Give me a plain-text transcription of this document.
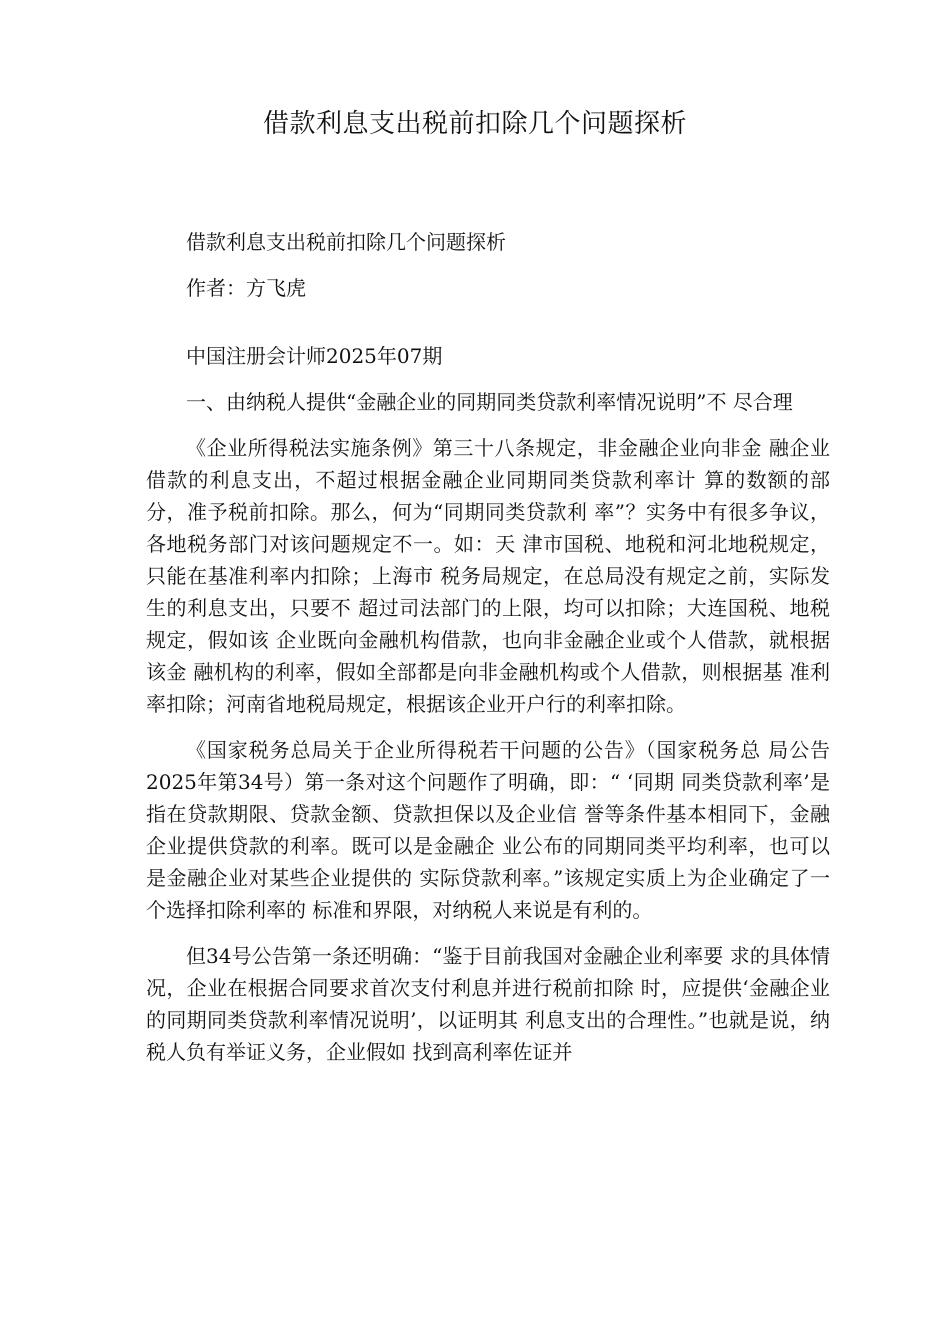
借款利息支出税前扣除几个问题探析

借款利息支出税前扣除几个问题探析

作者：方飞虎

中国注册会计师2025年07期

一、由纳税人提供“金融企业的同期同类贷款利率情况说明”不 尽合理

《企业所得税法实施条例》第三十八条规定，非金融企业向非金 融企业借款的利息支出，不超过根据金融企业同期同类贷款利率计 算的数额的部分，准予税前扣除。那么，何为“同期同类贷款利 率”？实务中有很多争议，各地税务部门对该问题规定不一。如：天 津市国税、地税和河北地税规定，只能在基准利率内扣除；上海市 税务局规定，在总局没有规定之前，实际发生的利息支出，只要不 超过司法部门的上限，均可以扣除；大连国税、地税规定，假如该 企业既向金融机构借款，也向非金融企业或个人借款，就根据该金 融机构的利率，假如全部都是向非金融机构或个人借款，则根据基 准利率扣除；河南省地税局规定，根据该企业开户行的利率扣除。

《国家税务总局关于企业所得税若干问题的公告》（国家税务总 局公告2025年第34号）第一条对这个问题作了明确，即：“ ‘同期 同类贷款利率’是指在贷款期限、贷款金额、贷款担保以及企业信 誉等条件基本相同下，金融企业提供贷款的利率。既可以是金融企 业公布的同期同类平均利率，也可以是金融企业对某些企业提供的 实际贷款利率。”该规定实质上为企业确定了一个选择扣除利率的 标准和界限，对纳税人来说是有利的。

但34号公告第一条还明确：“鉴于目前我国对金融企业利率要 求的具体情况，企业在根据合同要求首次支付利息并进行税前扣除 时，应提供‘金融企业的同期同类贷款利率情况说明’，以证明其 利息支出的合理性。”也就是说，纳税人负有举证义务，企业假如 找到高利率佐证并
